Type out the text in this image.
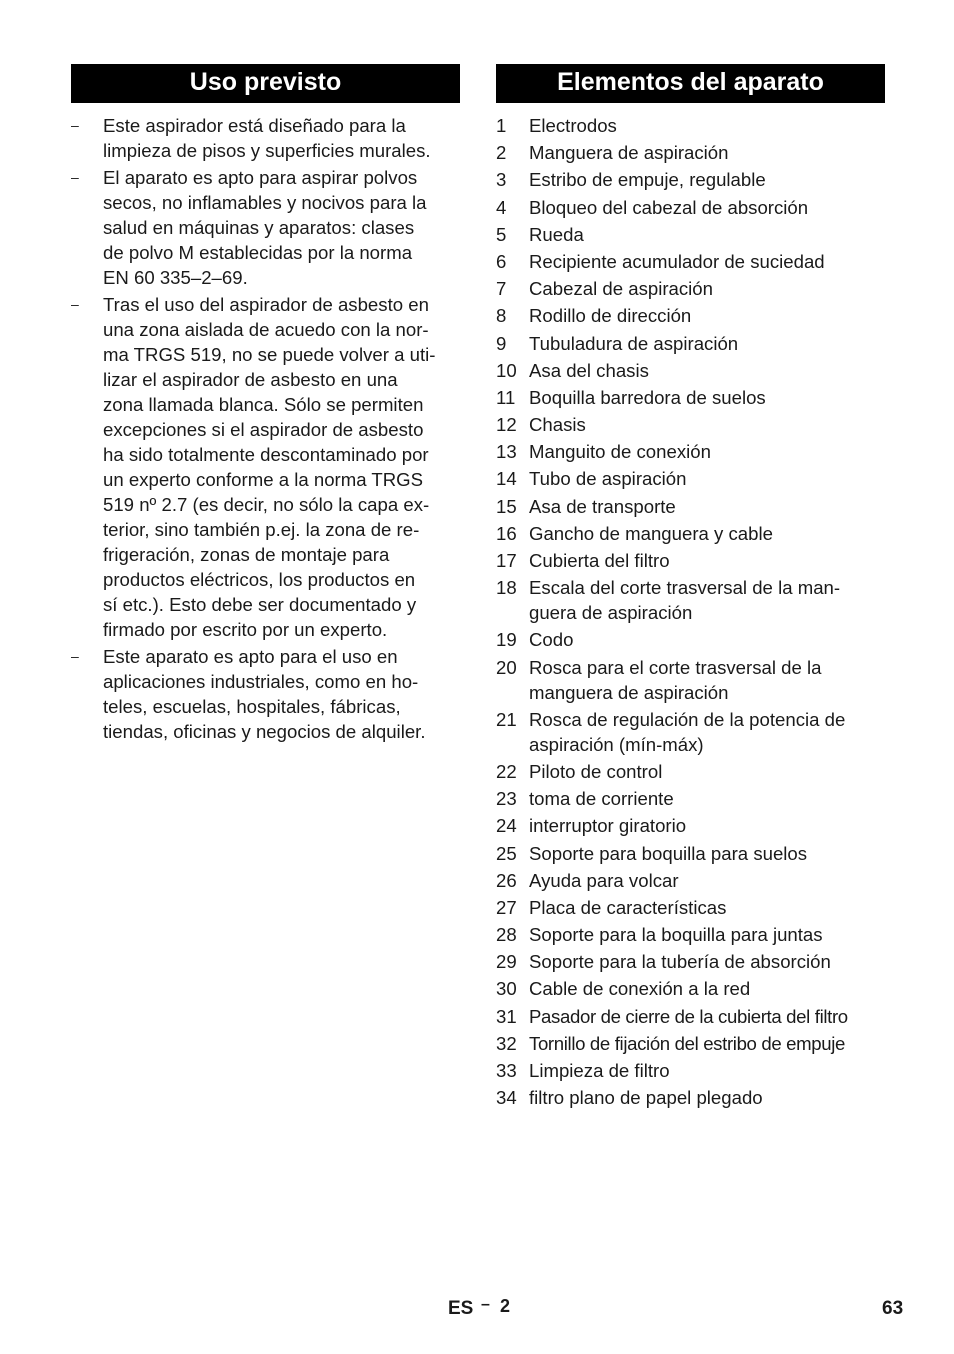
Uso previsto
– Este aspirador está diseñado para la
limpieza de pisos y superficies murales.
– El aparato es apto para aspirar polvos
secos, no inflamables y nocivos para la
salud en máquinas y aparatos: clases
de polvo M establecidas por la norma
EN 60 335–2–69.
– Tras el uso del aspirador de asbesto en
una zona aislada de acuedo con la nor-
ma TRGS 519, no se puede volver a uti-
lizar el aspirador de asbesto en una
zona llamada blanca. Sólo se permiten
excepciones si el aspirador de asbesto
ha sido totalmente descontaminado por
un experto conforme a la norma TRGS
519 nº 2.7 (es decir, no sólo la capa ex-
terior, sino también p.ej. la zona de re-
frigeración, zonas de montaje para
productos eléctricos, los productos en
sí etc.). Esto debe ser documentado y
firmado por escrito por un experto.
– Este aparato es apto para el uso en
aplicaciones industriales, como en ho-
teles, escuelas, hospitales, fábricas,
tiendas, oficinas y negocios de alquiler.
Elementos del aparato
1 Electrodos
2 Manguera de aspiración
3 Estribo de empuje, regulable
4 Bloqueo del cabezal de absorción
5 Rueda
6 Recipiente acumulador de suciedad
7 Cabezal de aspiración
8 Rodillo de dirección
9 Tubuladura de aspiración
10 Asa del chasis
11 Boquilla barredora de suelos
12 Chasis
13 Manguito de conexión
14 Tubo de aspiración
15 Asa de transporte
16 Gancho de manguera y cable
17 Cubierta del filtro
18 Escala del corte trasversal de la man-
guera de aspiración
19 Codo
20 Rosca para el corte trasversal de la
manguera de aspiración
21 Rosca de regulación de la potencia de
aspiración (mín-máx)
22 Piloto de control
23 toma de corriente
24 interruptor giratorio
25 Soporte para boquilla para suelos
26 Ayuda para volcar
27 Placa de características
28 Soporte para la boquilla para juntas
29 Soporte para la tubería de absorción
30 Cable de conexión a la red
31 Pasador de cierre de la cubierta del filtro
32 Tornillo de fijación del estribo de empuje
33 Limpieza de filtro
34 filtro plano de papel plegado
ES – 2	63
